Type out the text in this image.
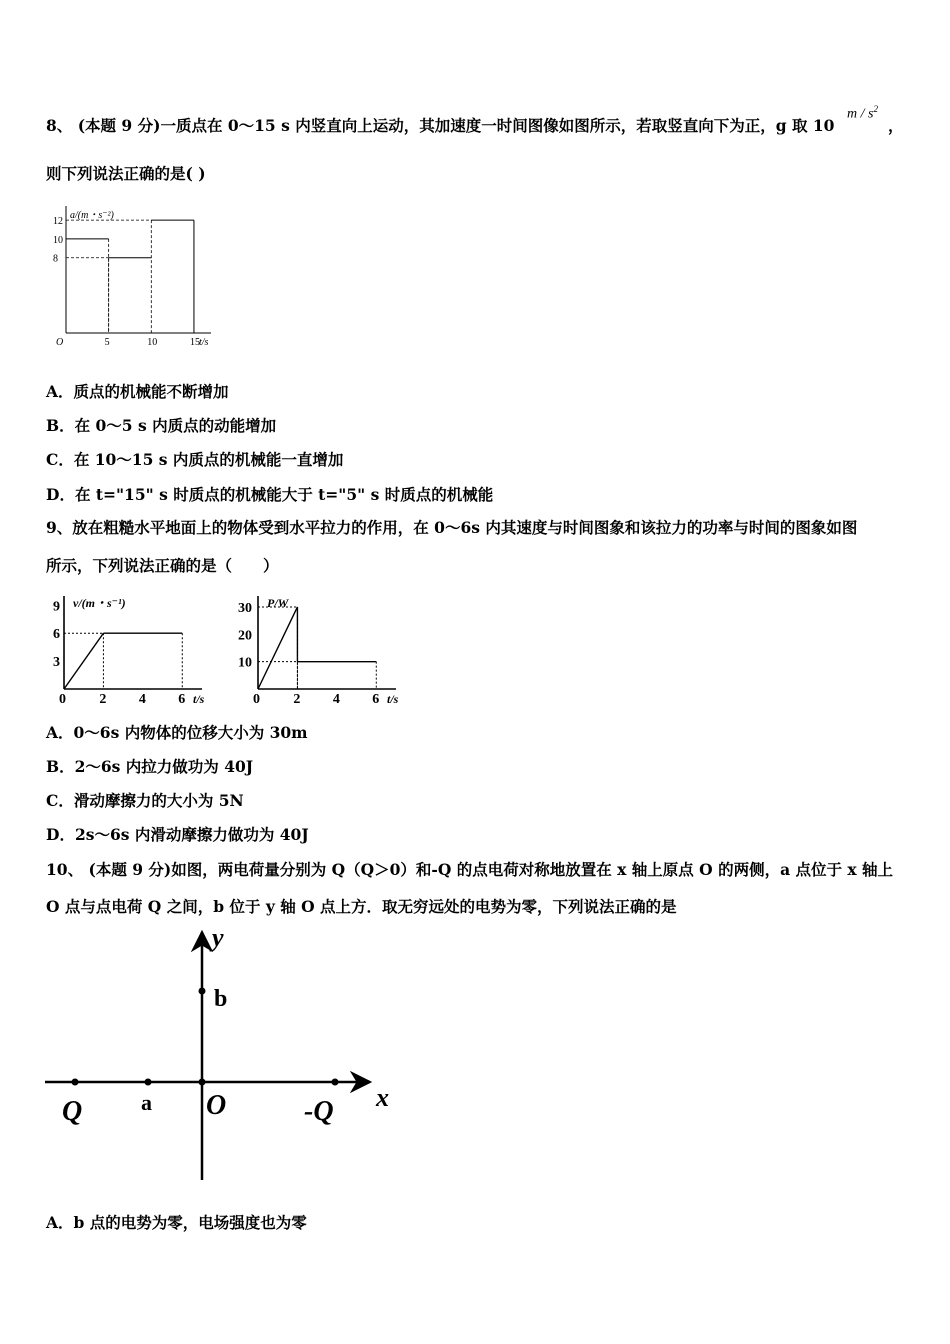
8、 (本题 9 分)一质点在 0～15 s 内竖直向上运动，其加速度一时间图像如图所示，若取竖直向下为正，g 取 10
m / $s^2$
，
则下列说法正确的是( )
a/(m・s⁻²)
t/s
O	5	10	15
8
10
12
A．质点的机械能不断增加
B．在 0～5 s 内质点的动能增加
C．在 10～15 s 内质点的机械能一直增加
D．在 t="15" s 时质点的机械能大于 t="5" s 时质点的机械能
9、放在粗糙水平地面上的物体受到水平拉力的作用，在 0～6s 内其速度与时间图象和该拉力的功率与时间的图象如图
所示，下列说法正确的是（　　）
v/(m・s⁻¹)
t/s
0 2 4 6
3
6
9	P/W
t/s
0 2 4 6
10
20
30
A．0～6s 内物体的位移大小为 30m
B．2～6s 内拉力做功为 40J
C．滑动摩擦力的大小为 5N
D．2s～6s 内滑动摩擦力做功为 40J
10、 (本题 9 分)如图，两电荷量分别为 Q（Q＞0）和-Q 的点电荷对称地放置在 x 轴上原点 O 的两侧，a 点位于 x 轴上
O 点与点电荷 Q 之间，b 位于 y 轴 O 点上方．取无穷远处的电势为零，下列说法正确的是
y
x
b
Q	a O	-Q
A．b 点的电势为零，电场强度也为零
